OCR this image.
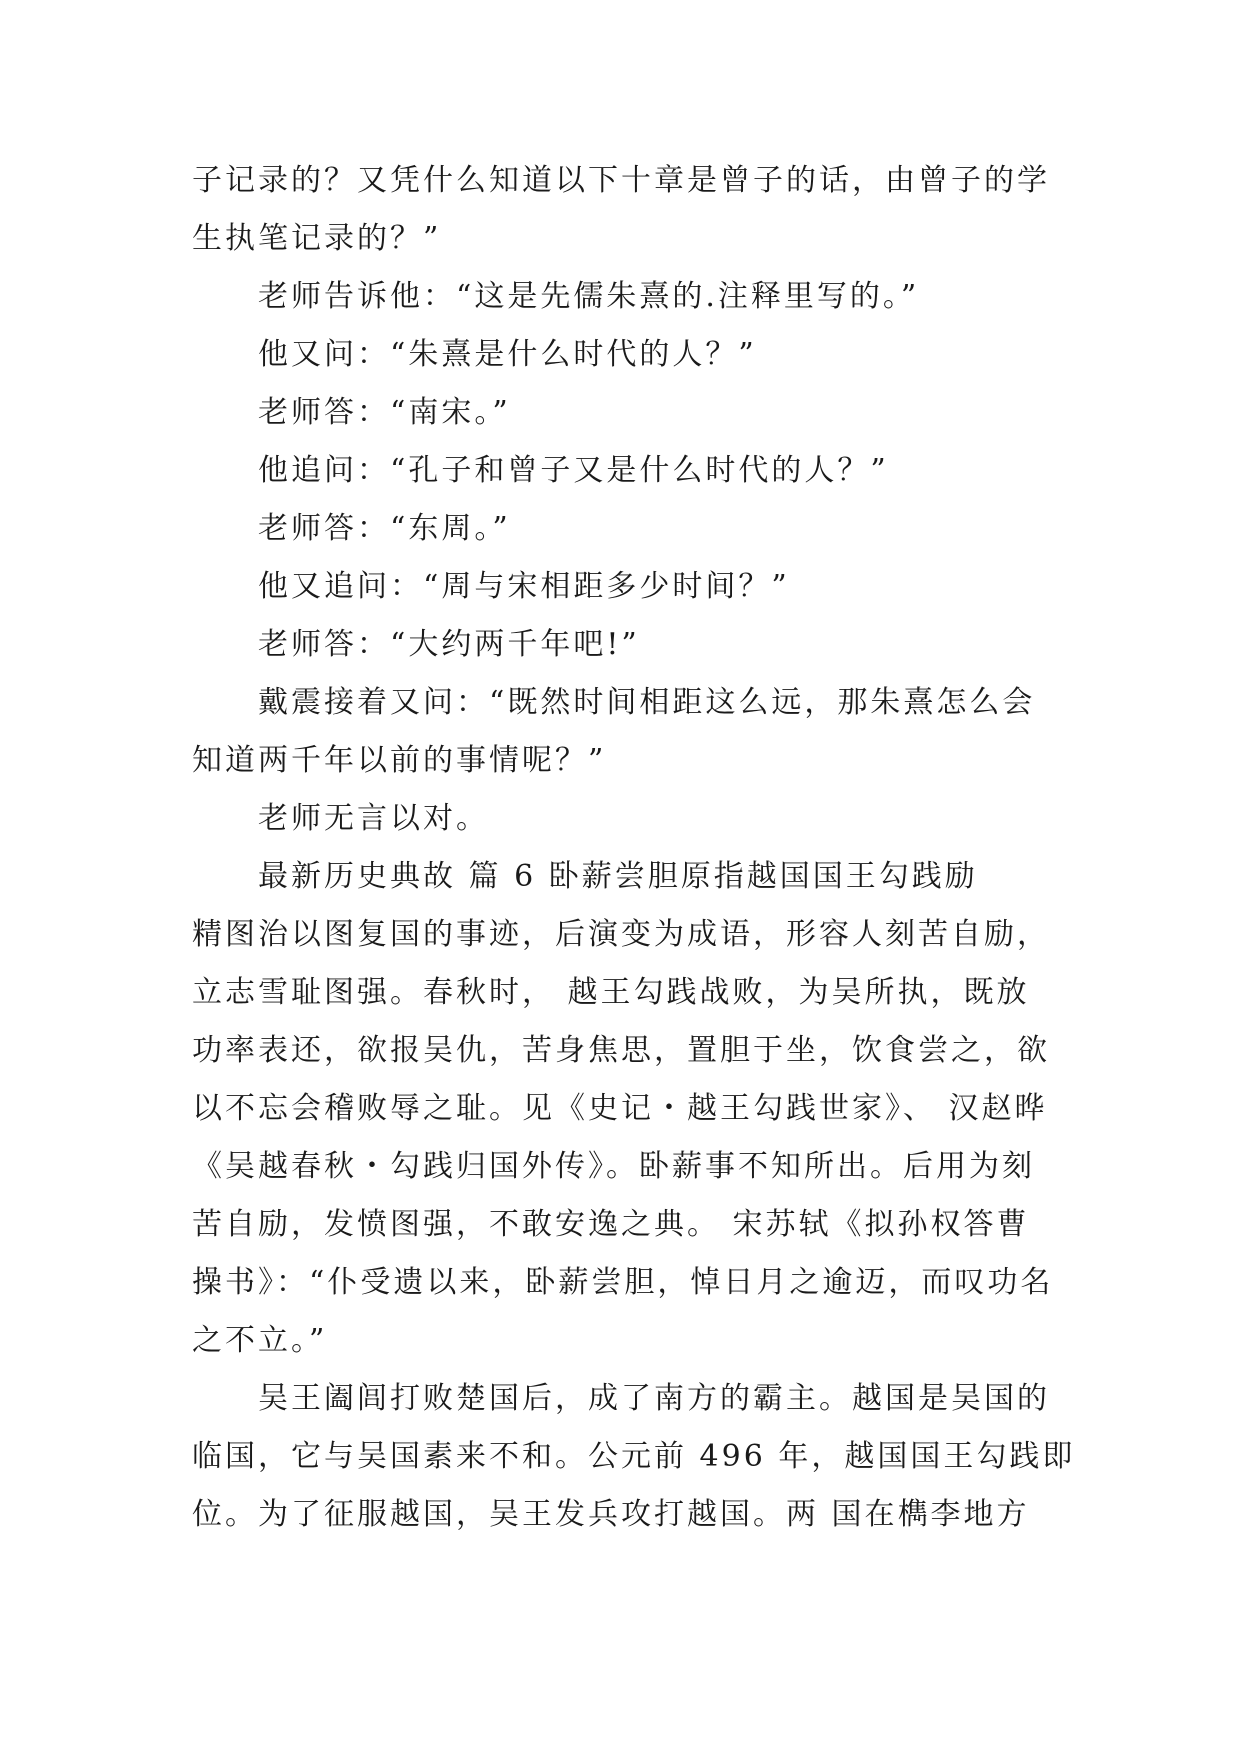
子记录的？又凭什么知道以下十章是曾子的话，由曾子的学
生执笔记录的？”
老师告诉他：“这是先儒朱熹的.注释里写的。”
他又问：“朱熹是什么时代的人？”
老师答：“南宋。”
他追问：“孔子和曾子又是什么时代的人？”
老师答：“东周。”
他又追问：“周与宋相距多少时间？”
老师答：“大约两千年吧!”
戴震接着又问：“既然时间相距这么远，那朱熹怎么会
知道两千年以前的事情呢？”
老师无言以对。
最新历史典故 篇 6 卧薪尝胆原指越国国王勾践励
精图治以图复国的事迹，后演变为成语，形容人刻苦自励，
立志雪耻图强。春秋时， 越王勾践战败，为吴所执，既放
功率表还，欲报吴仇，苦身焦思，置胆于坐，饮食尝之，欲
以不忘会稽败辱之耻。见《史记・越王勾践世家》、 汉赵晔
《吴越春秋・勾践归国外传》。卧薪事不知所出。后用为刻
苦自励，发愤图强，不敢安逸之典。 宋苏轼《拟孙权答曹
操书》：“仆受遗以来，卧薪尝胆，悼日月之逾迈，而叹功名
之不立。”
吴王阖闾打败楚国后，成了南方的霸主。越国是吴国的
临国，它与吴国素来不和。公元前 496 年，越国国王勾践即
位。为了征服越国，吴王发兵攻打越国。两 国在檇李地方
